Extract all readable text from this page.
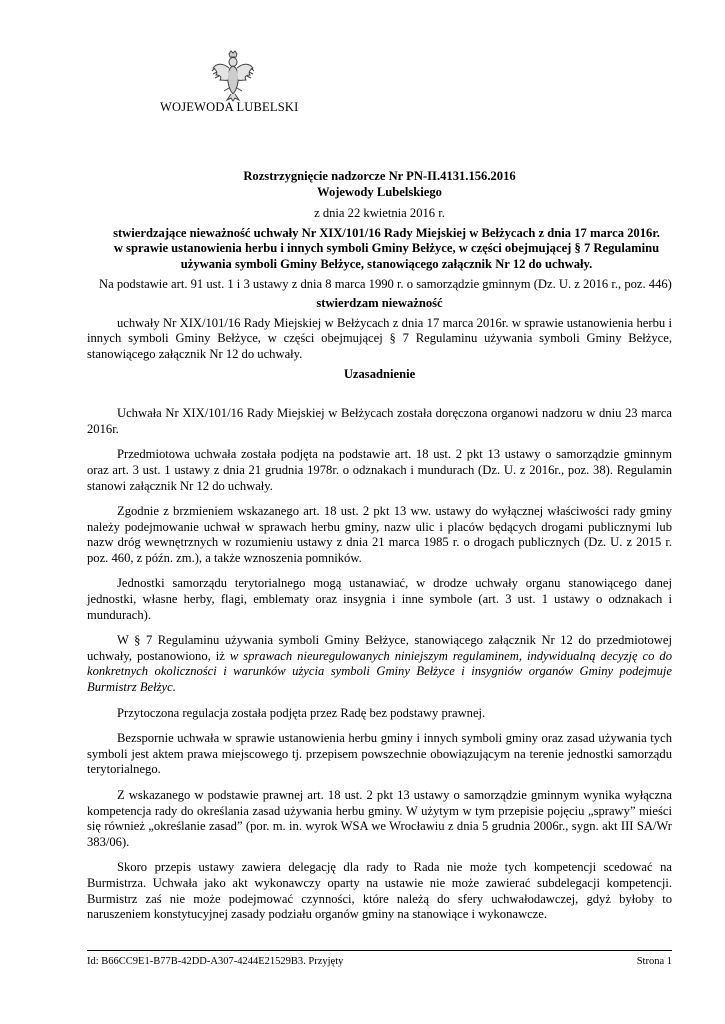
WOJEWODA LUBELSKI

Rozstrzygnięcie nadzorcze Nr PN-II.4131.156.2016

Wojewody Lubelskiego

z dnia 22 kwietnia 2016 r.

stwierdzające nieważność uchwały Nr XIX/101/16 Rady Miejskiej w Bełżycach z dnia 17 marca 2016r. w sprawie ustanowienia herbu i innych symboli Gminy Bełżyce, w części obejmującej § 7 Regulaminu używania symboli Gminy Bełżyce, stanowiącego załącznik Nr 12 do uchwały.

Na podstawie art. 91 ust. 1 i 3 ustawy z dnia 8 marca 1990 r. o samorządzie gminnym (Dz. U. z 2016 r., poz. 446)

stwierdzam nieważność

uchwały Nr XIX/101/16 Rady Miejskiej w Bełżycach z dnia 17 marca 2016r. w sprawie ustanowienia herbu i innych symboli Gminy Bełżyce, w części obejmującej § 7 Regulaminu używania symboli Gminy Bełżyce, stanowiącego załącznik Nr 12 do uchwały.

Uzasadnienie

Uchwała Nr XIX/101/16 Rady Miejskiej w Bełżycach została doręczona organowi nadzoru w dniu 23 marca 2016r.

Przedmiotowa uchwała została podjęta na podstawie art. 18 ust. 2 pkt 13 ustawy o samorządzie gminnym oraz art. 3 ust. 1 ustawy z dnia 21 grudnia 1978r. o odznakach i mundurach (Dz. U. z 2016r., poz. 38). Regulamin stanowi załącznik Nr 12 do uchwały.

Zgodnie z brzmieniem wskazanego art. 18 ust. 2 pkt 13 ww. ustawy do wyłącznej właściwości rady gminy należy podejmowanie uchwał w sprawach herbu gminy, nazw ulic i placów będących drogami publicznymi lub nazw dróg wewnętrznych w rozumieniu ustawy z dnia 21 marca 1985 r. o drogach publicznych (Dz. U. z 2015 r. poz. 460, z późn. zm.), a także wznoszenia pomników.

Jednostki samorządu terytorialnego mogą ustanawiać, w drodze uchwały organu stanowiącego danej jednostki, własne herby, flagi, emblematy oraz insygnia i inne symbole (art. 3 ust. 1 ustawy o odznakach i mundurach).

W § 7 Regulaminu używania symboli Gminy Bełżyce, stanowiącego załącznik Nr 12 do przedmiotowej uchwały, postanowiono, iż w sprawach nieuregulowanych niniejszym regulaminem, indywidualną decyzję co do konkretnych okoliczności i warunków użycia symboli Gminy Bełżyce i insygniów organów Gminy podejmuje Burmistrz Bełżyc.

Przytoczona regulacja została podjęta przez Radę bez podstawy prawnej.

Bezspornie uchwała w sprawie ustanowienia herbu gminy i innych symboli gminy oraz zasad używania tych symboli jest aktem prawa miejscowego tj. przepisem powszechnie obowiązującym na terenie jednostki samorządu terytorialnego.

Z wskazanego w podstawie prawnej art. 18 ust. 2 pkt 13 ustawy o samorządzie gminnym wynika wyłączna kompetencja rady do określania zasad używania herbu gminy. W użytym w tym przepisie pojęciu „sprawy” mieści się również „określanie zasad” (por. m. in. wyrok WSA we Wrocławiu z dnia 5 grudnia 2006r., sygn. akt III SA/Wr 383/06).

Skoro przepis ustawy zawiera delegację dla rady to Rada nie może tych kompetencji scedować na Burmistrza. Uchwała jako akt wykonawczy oparty na ustawie nie może zawierać subdelegacji kompetencji. Burmistrz zaś nie może podejmować czynności, które należą do sfery uchwałodawczej, gdyż byłoby to naruszeniem konstytucyjnej zasady podziału organów gminy na stanowiące i wykonawcze.

Id: B66CC9E1-B77B-42DD-A307-4244E21529B3. Przyjęty	Strona 1
